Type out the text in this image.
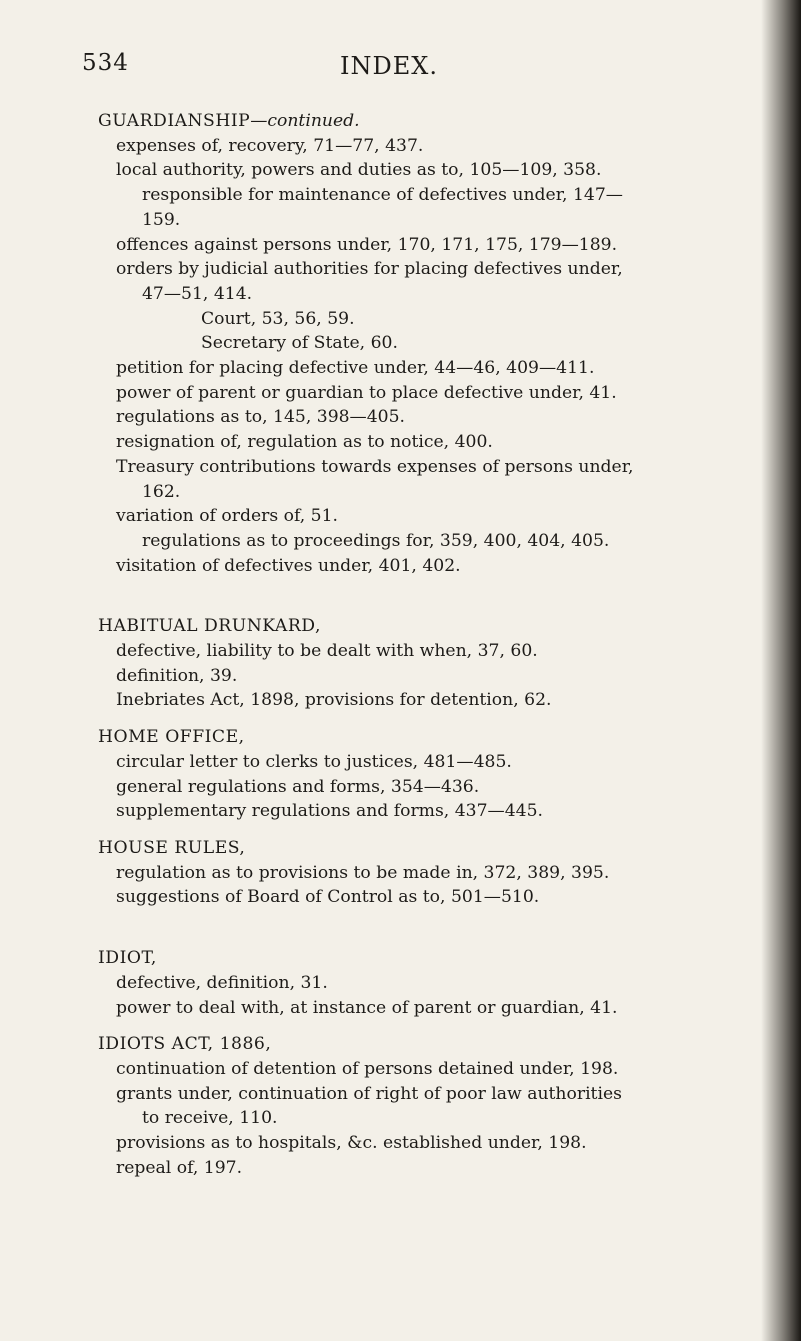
534	INDEX.
GUARDIANSHIP—continued.
expenses of, recovery, 71—77, 437.
local authority, powers and duties as to, 105—109, 358.
responsible for maintenance of defectives under, 147—
159.
offences against persons under, 170, 171, 175, 179—189.
orders by judicial authorities for placing defectives under,
47—51, 414.
Court, 53, 56, 59.
Secretary of State, 60.
petition for placing defective under, 44—46, 409—411.
power of parent or guardian to place defective under, 41.
regulations as to, 145, 398—405.
resignation of, regulation as to notice, 400.
Treasury contributions towards expenses of persons under,
162.
variation of orders of, 51.
regulations as to proceedings for, 359, 400, 404, 405.
visitation of defectives under, 401, 402.
HABITUAL DRUNKARD,
defective, liability to be dealt with when, 37, 60.
definition, 39.
Inebriates Act, 1898, provisions for detention, 62.
HOME OFFICE,
circular letter to clerks to justices, 481—485.
general regulations and forms, 354—436.
supplementary regulations and forms, 437—445.
HOUSE RULES,
regulation as to provisions to be made in, 372, 389, 395.
suggestions of Board of Control as to, 501—510.
IDIOT,
defective, definition, 31.
power to deal with, at instance of parent or guardian, 41.
IDIOTS ACT, 1886,
continuation of detention of persons detained under, 198.
grants under, continuation of right of poor law authorities
to receive, 110.
provisions as to hospitals, &c. established under, 198.
repeal of, 197.
